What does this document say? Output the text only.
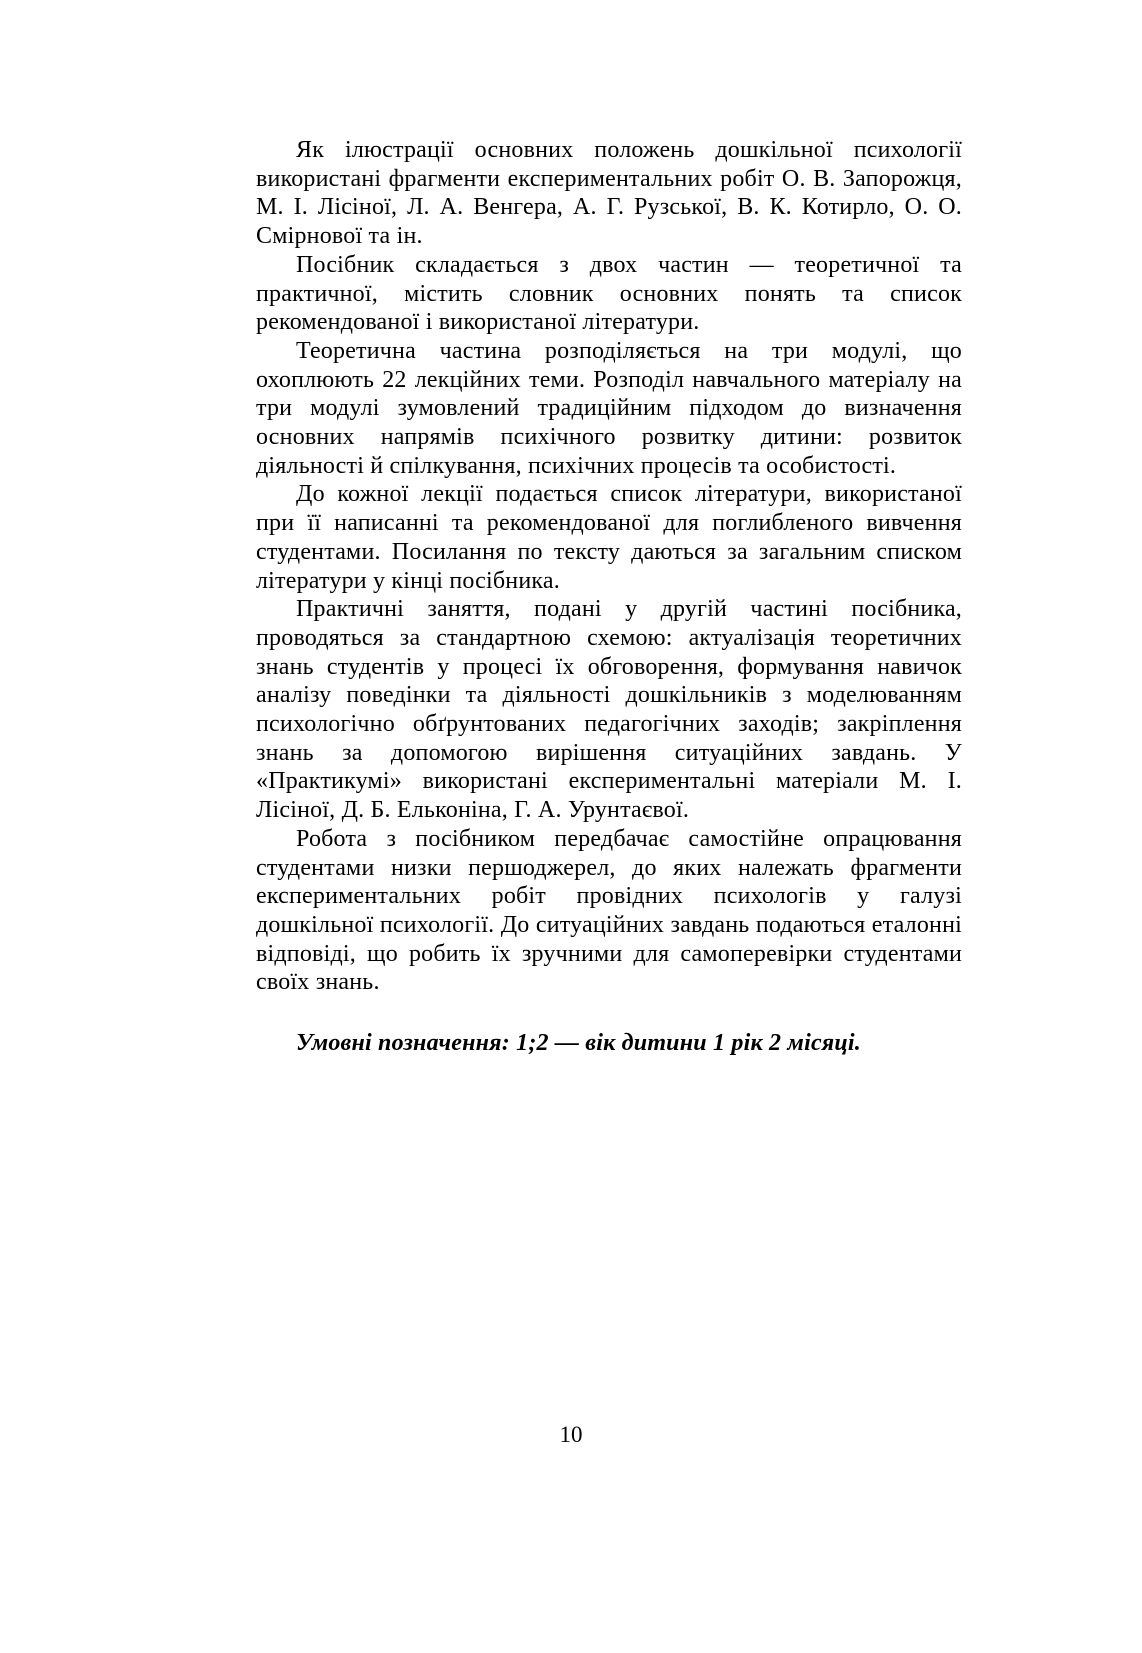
Як ілюстрації основних положень дошкільної психології використані фрагменти експериментальних робіт О. В. Запорожця, М. І. Лісіної, Л. А. Венгера, А. Г. Рузської, В. К. Котирло, О. О. Смірнової та ін.

Посібник складається з двох частин — теоретичної та практичної, містить словник основних понять та список рекомендованої і використаної літератури.

Теоретична частина розподіляється на три модулі, що охоплюють 22 лекційних теми. Розподіл навчального матеріалу на три модулі зумовлений традиційним підходом до визначення основних напрямів психічного розвитку дитини: розвиток діяльності й спілкування, психічних процесів та особистості.

До кожної лекції подається список літератури, використаної при її написанні та рекомендованої для поглибленого вивчення студентами. Посилання по тексту даються за загальним списком літератури у кінці посібника.

Практичні заняття, подані у другій частині посібника, проводяться за стандартною схемою: актуалізація теоретичних знань студентів у процесі їх обговорення, формування навичок аналізу поведінки та діяльності дошкільників з моделюванням психологічно обґрунтованих педагогічних заходів; закріплення знань за допомогою вирішення ситуаційних завдань. У «Практикумі» використані експериментальні матеріали М. І. Лісіної, Д. Б. Ельконіна, Г. А. Урунтаєвої.

Робота з посібником передбачає самостійне опрацювання студентами низки першоджерел, до яких належать фрагменти експериментальних робіт провідних психологів у галузі дошкільної психології. До ситуаційних завдань подаються еталонні відповіді, що робить їх зручними для самоперевірки студентами своїх знань.

Умовні позначення: 1;2 — вік дитини 1 рік 2 місяці.

10
